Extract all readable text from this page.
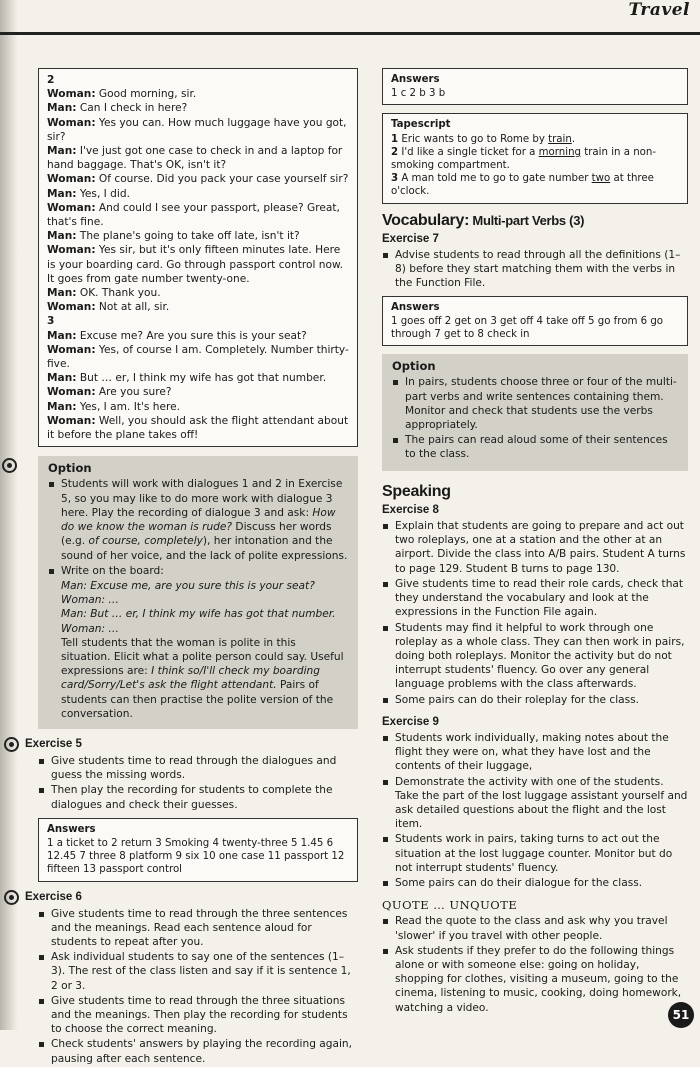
Travel
2
Woman: Good morning, sir.
Man: Can I check in here?
Woman: Yes you can. How much luggage have you got, sir?
Man: I've just got one case to check in and a laptop for hand baggage. That's OK, isn't it?
Woman: Of course. Did you pack your case yourself sir?
Man: Yes, I did.
Woman: And could I see your passport, please? Great, that's fine.
Man: The plane's going to take off late, isn't it?
Woman: Yes sir, but it's only fifteen minutes late. Here is your boarding card. Go through passport control now. It goes from gate number twenty-one.
Man: OK. Thank you.
Woman: Not at all, sir.
3
Man: Excuse me? Are you sure this is your seat?
Woman: Yes, of course I am. Completely. Number thirty-five.
Man: But … er, I think my wife has got that number.
Woman: Are you sure?
Man: Yes, I am. It's here.
Woman: Well, you should ask the flight attendant about it before the plane takes off!
Option
Students will work with dialogues 1 and 2 in Exercise 5, so you may like to do more work with dialogue 3 here. Play the recording of dialogue 3 and ask: How do we know the woman is rude? Discuss her words (e.g. of course, completely), her intonation and the sound of her voice, and the lack of polite expressions.
Write on the board:
Man: Excuse me, are you sure this is your seat?
Woman: …
Man: But … er, I think my wife has got that number.
Woman: …
Tell students that the woman is polite in this situation. Elicit what a polite person could say. Useful expressions are: I think so/I'll check my boarding card/Sorry/Let's ask the flight attendant. Pairs of students can then practise the polite version of the conversation.
Exercise 5
Give students time to read through the dialogues and guess the missing words.
Then play the recording for students to complete the dialogues and check their guesses.
Answers
1 a ticket to 2 return 3 Smoking 4 twenty-three 5 1.45 6 12.45 7 three 8 platform 9 six 10 one case 11 passport 12 fifteen 13 passport control
Exercise 6
Give students time to read through the three sentences and the meanings. Read each sentence aloud for students to repeat after you.
Ask individual students to say one of the sentences (1–3). The rest of the class listen and say if it is sentence 1, 2 or 3.
Give students time to read through the three situations and the meanings. Then play the recording for students to choose the correct meaning.
Check students' answers by playing the recording again, pausing after each sentence.
Answers
1 c 2 b 3 b
Tapescript
1 Eric wants to go to Rome by train.
2 I'd like a single ticket for a morning train in a non-smoking compartment.
3 A man told me to go to gate number two at three o'clock.
Vocabulary: Multi-part Verbs (3)
Exercise 7
Advise students to read through all the definitions (1–8) before they start matching them with the verbs in the Function File.
Answers
1 goes off 2 get on 3 get off 4 take off 5 go from 6 go through 7 get to 8 check in
Option
In pairs, students choose three or four of the multi-part verbs and write sentences containing them. Monitor and check that students use the verbs appropriately.
The pairs can read aloud some of their sentences to the class.
Speaking
Exercise 8
Explain that students are going to prepare and act out two roleplays, one at a station and the other at an airport. Divide the class into A/B pairs. Student A turns to page 129. Student B turns to page 130.
Give students time to read their role cards, check that they understand the vocabulary and look at the expressions in the Function File again.
Students may find it helpful to work through one roleplay as a whole class. They can then work in pairs, doing both roleplays. Monitor the activity but do not interrupt students' fluency. Go over any general language problems with the class afterwards.
Some pairs can do their roleplay for the class.
Exercise 9
Students work individually, making notes about the flight they were on, what they have lost and the contents of their luggage,
Demonstrate the activity with one of the students. Take the part of the lost luggage assistant yourself and ask detailed questions about the flight and the lost item.
Students work in pairs, taking turns to act out the situation at the lost luggage counter. Monitor but do not interrupt students' fluency.
Some pairs can do their dialogue for the class.
QUOTE … UNQUOTE
Read the quote to the class and ask why you travel 'slower' if you travel with other people.
Ask students if they prefer to do the following things alone or with someone else: going on holiday, shopping for clothes, visiting a museum, going to the cinema, listening to music, cooking, doing homework, watching a video.
51
